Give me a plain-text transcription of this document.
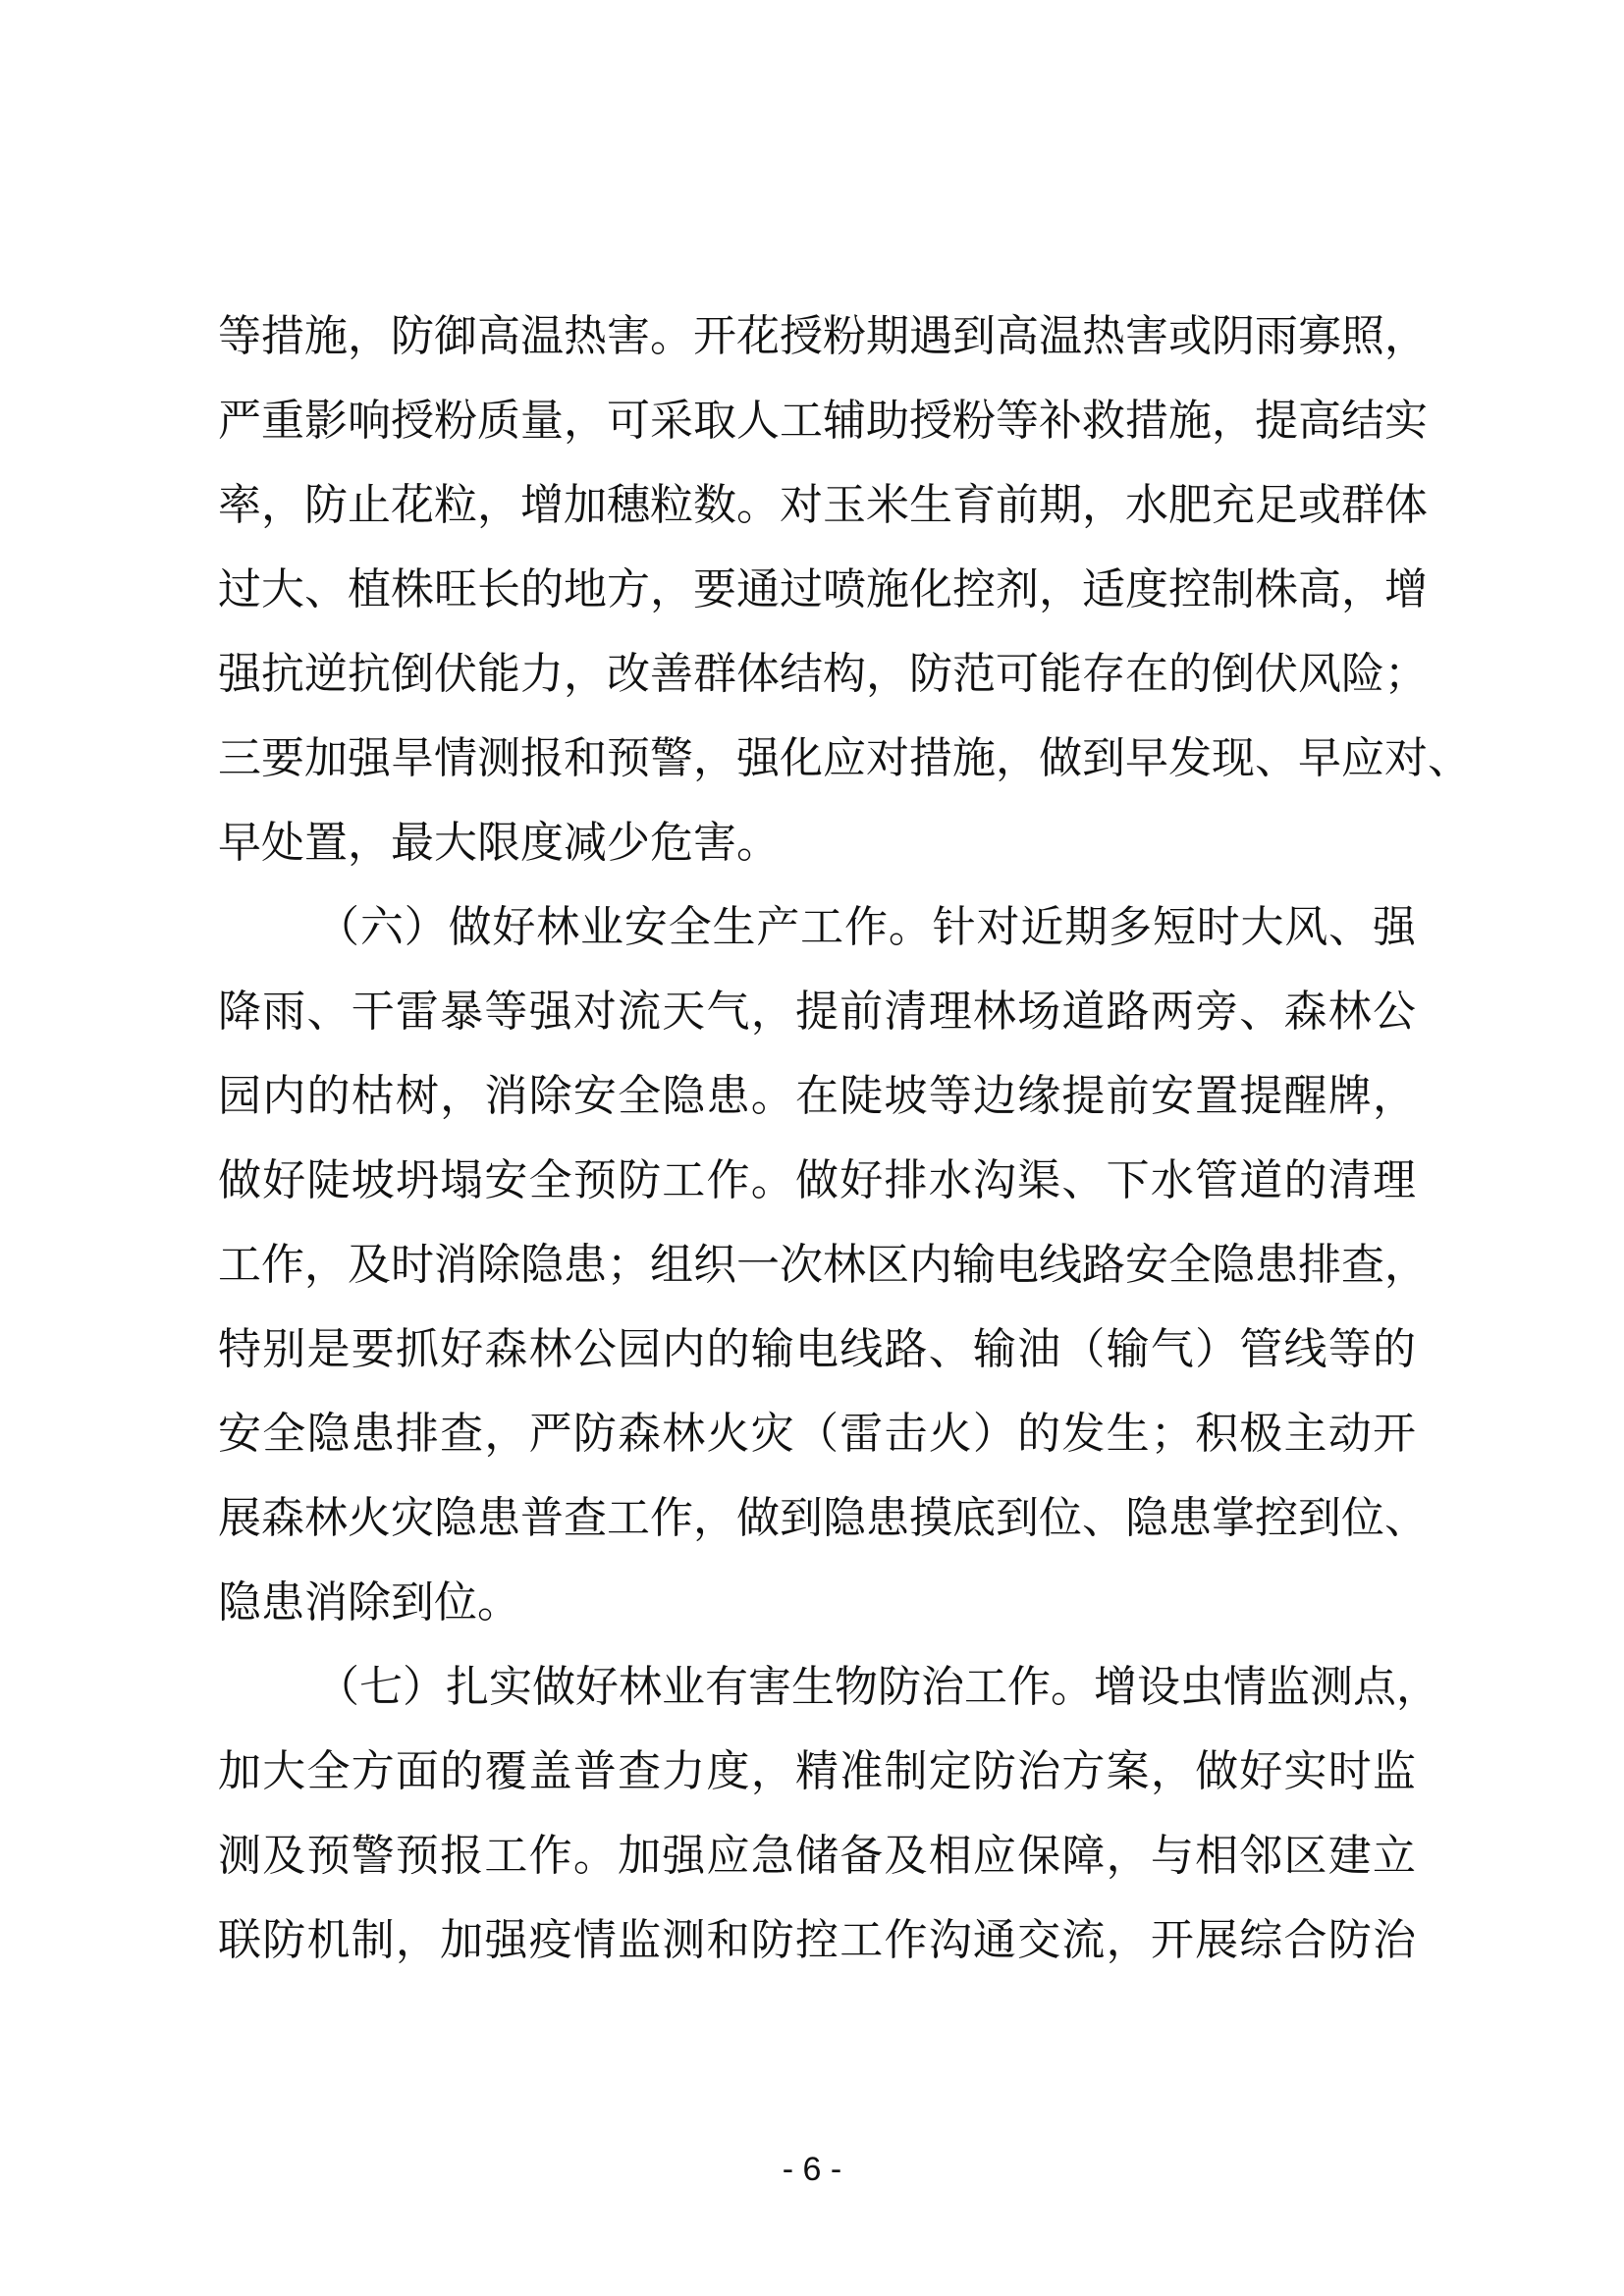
等措施，防御高温热害。开花授粉期遇到高温热害或阴雨寡照，
严重影响授粉质量，可采取人工辅助授粉等补救措施，提高结实
率，防止花粒，增加穗粒数。对玉米生育前期，水肥充足或群体
过大、植株旺长的地方，要通过喷施化控剂，适度控制株高，增
强抗逆抗倒伏能力，改善群体结构，防范可能存在的倒伏风险；
三要加强旱情测报和预警，强化应对措施，做到早发现、早应对、
早处置，最大限度减少危害。
（六）做好林业安全生产工作。针对近期多短时大风、强
降雨、干雷暴等强对流天气，提前清理林场道路两旁、森林公
园内的枯树，消除安全隐患。在陡坡等边缘提前安置提醒牌，
做好陡坡坍塌安全预防工作。做好排水沟渠、下水管道的清理
工作，及时消除隐患；组织一次林区内输电线路安全隐患排查，
特别是要抓好森林公园内的输电线路、输油（输气）管线等的
安全隐患排查，严防森林火灾（雷击火）的发生；积极主动开
展森林火灾隐患普查工作，做到隐患摸底到位、隐患掌控到位、
隐患消除到位。
（七）扎实做好林业有害生物防治工作。增设虫情监测点，
加大全方面的覆盖普查力度，精准制定防治方案，做好实时监
测及预警预报工作。加强应急储备及相应保障，与相邻区建立
联防机制，加强疫情监测和防控工作沟通交流，开展综合防治
- 6 -
